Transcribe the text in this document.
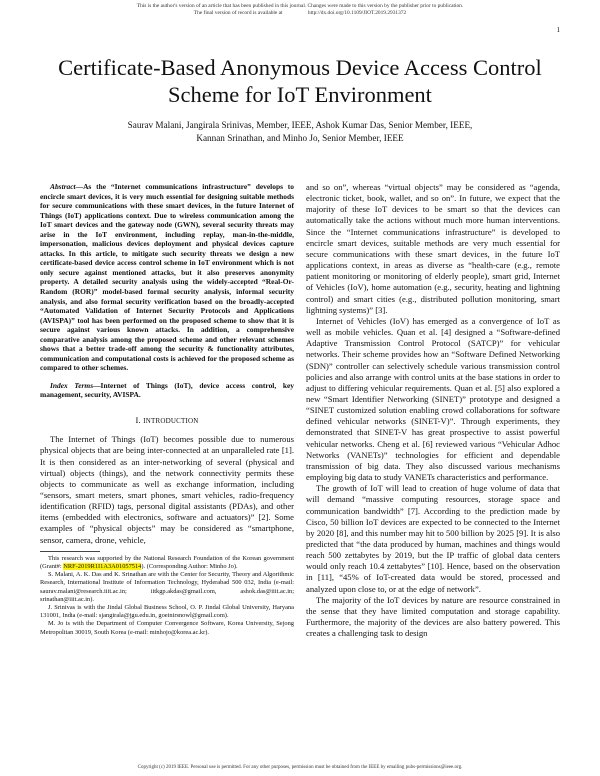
This is the author's version of an article that has been published in this journal. Changes were made to this version by the publisher prior to publication.
The final version of record is available at	http://dx.doi.org/10.1109/JIOT.2019.2931372
1
Certificate-Based Anonymous Device Access Control Scheme for IoT Environment
Saurav Malani, Jangirala Srinivas, Member, IEEE, Ashok Kumar Das, Senior Member, IEEE,
Kannan Srinathan, and Minho Jo, Senior Member, IEEE

Abstract—As the “Internet communications infrastructure” develops to encircle smart devices, it is very much essential for designing suitable methods for secure communications with these smart devices, in the future Internet of Things (IoT) applications context. Due to wireless communication among the IoT smart devices and the gateway node (GWN), several security threats may arise in the IoT environment, including replay, man-in-the-middle, impersonation, malicious devices deployment and physical devices capture attacks. In this article, to mitigate such security threats we design a new certificate-based device access control scheme in IoT environment which is not only secure against mentioned attacks, but it also preserves anonymity property. A detailed security analysis using the widely-accepted “Real-Or-Random (ROR)” model-based formal security analysis, informal security analysis, and also formal security verification based on the broadly-accepted “Automated Validation of Internet Security Protocols and Applications (AVISPA)” tool has been performed on the proposed scheme to show that it is secure against various known attacks. In addition, a comprehensive comparative analysis among the proposed scheme and other relevant schemes shows that a better trade-off among the security & functionality attributes, communication and computational costs is achieved for the proposed scheme as compared to other schemes.

Index Terms—Internet of Things (IoT), device access control, key management, security, AVISPA.

I. INTRODUCTION

The Internet of Things (IoT) becomes possible due to numerous physical objects that are being inter-connected at an unparalleled rate [1]. It is then considered as an inter-networking of several (physical and virtual) objects (things), and the network connectivity permits these objects to communicate as well as exchange information, including “sensors, smart meters, smart phones, smart vehicles, radio-frequency identification (RFID) tags, personal digital assistants (PDAs), and other items (embedded with electronics, software and actuators)” [2]. Some examples of “physical objects” may be considered as “smartphone, sensor, camera, drone, vehicle,

This research was supported by the National Research Foundation of the Korean government (Grant#: NRF-2019R1I1A3A01057514). (Corresponding Author: Minho Jo).

S. Malani, A. K. Das and K. Srinathan are with the Center for Security, Theory and Algorithmic Research, International Institute of Information Technology, Hyderabad 500 032, India (e-mail: saurav.malani@research.iiit.ac.in; iitkgp.akdas@gmail.com, ashok.das@iiit.ac.in; srinathan@iiit.ac.in).

J. Srinivas is with the Jindal Global Business School, O. P. Jindal Global University, Haryana 131001, India (e-mail: sjangirala@jgu.edu.in, goeinirsnowl@gmail.com).

M. Jo is with the Department of Computer Convergence Software, Korea University, Sejong Metropolitan 30019, South Korea (e-mail: minhojo@korea.ac.kr).

and so on”, whereas “virtual objects” may be considered as “agenda, electronic ticket, book, wallet, and so on”. In future, we expect that the majority of these IoT devices to be smart so that the devices can automatically take the actions without much more human interventions. Since the “Internet communications infrastructure” is developed to encircle smart devices, suitable methods are very much essential for secure communications with these smart devices, in the future IoT applications context, in areas as diverse as “health-care (e.g., remote patient monitoring or monitoring of elderly people), smart grid, Internet of Vehicles (IoV), home automation (e.g., security, heating and lightning control) and smart cities (e.g., distributed pollution monitoring, smart lightning systems)” [3].

Internet of Vehicles (IoV) has emerged as a convergence of IoT as well as mobile vehicles. Quan et al. [4] designed a “Software-defined Adaptive Transmission Control Protocol (SATCP)” for vehicular networks. Their scheme provides how an “Software Defined Networking (SDN)” controller can selectively schedule various transmission control policies and also arrange with control units at the base stations in order to adjust to differing vehicular requirements. Quan et al. [5] also explored a new “Smart Identifier Networking (SINET)” prototype and designed a “SINET customized solution enabling crowd collaborations for software defined vehicular networks (SINET-V)”. Through experiments, they demonstrated that SINET-V has great prospective to assist powerful vehicular networks. Cheng et al. [6] reviewed various “Vehicular Adhoc Networks (VANETs)” technologies for efficient and dependable transmission of big data. They also discussed various mechanisms employing big data to study VANETs characteristics and performance.

The growth of IoT will lead to creation of huge volume of data that will demand “massive computing resources, storage space and communication bandwidth” [7]. According to the prediction made by Cisco, 50 billion IoT devices are expected to be connected to the Internet by 2020 [8], and this number may hit to 500 billion by 2025 [9]. It is also predicted that “the data produced by human, machines and things would reach 500 zettabytes by 2019, but the IP traffic of global data centers would only reach 10.4 zettabytes” [10]. Hence, based on the observation in [11], “45% of IoT-created data would be stored, processed and analyzed upon close to, or at the edge of network”.

The majority of the IoT devices by nature are resource constrained in the sense that they have limited computation and storage capability. Furthermore, the majority of the devices are also battery powered. This creates a challenging task to design

Copyright (c) 2019 IEEE. Personal use is permitted. For any other purposes, permission must be obtained from the IEEE by emailing pubs-permissions@ieee.org.
